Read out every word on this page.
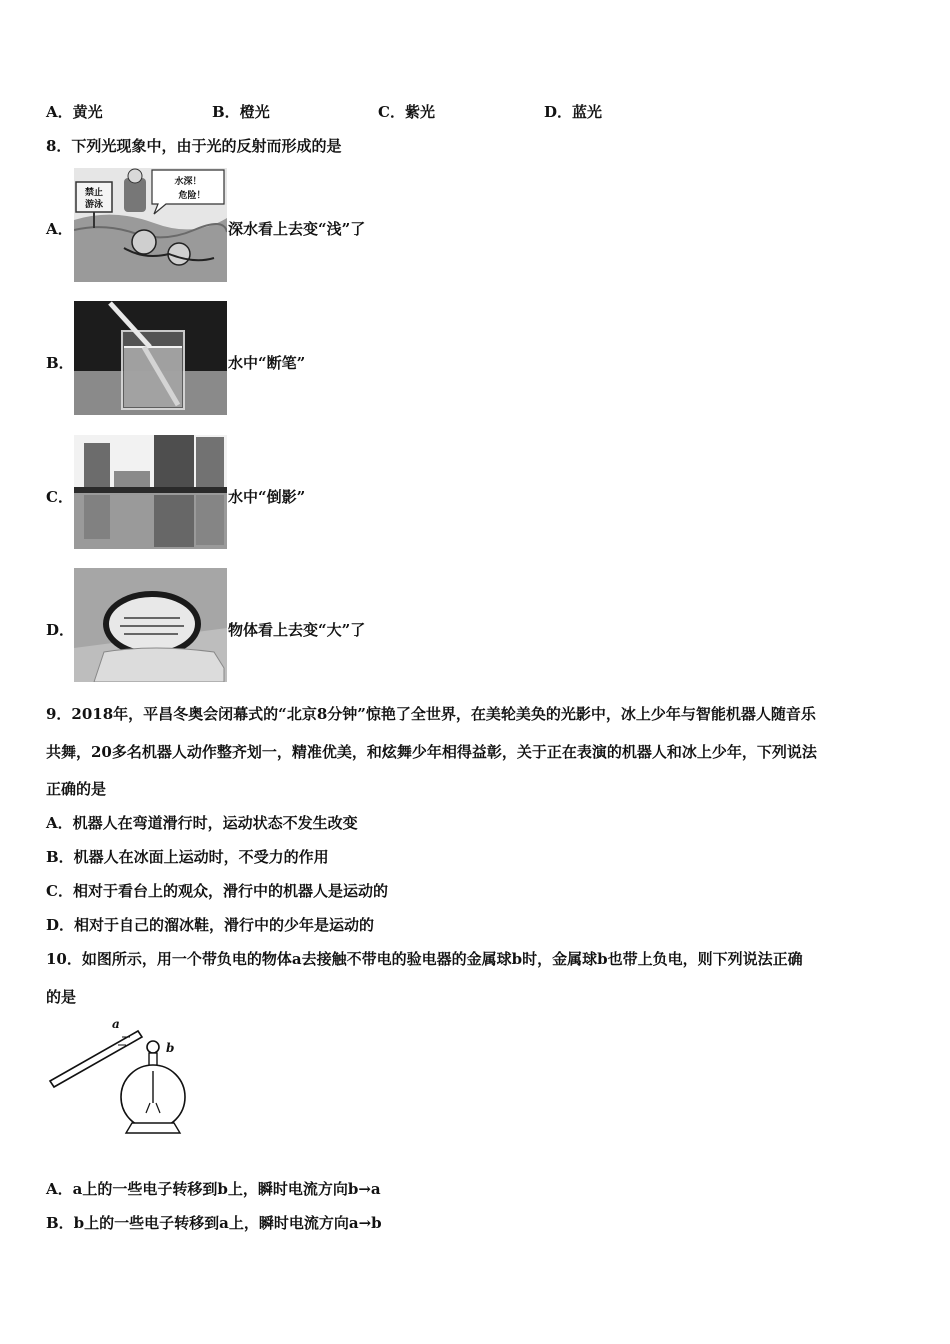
A．黄光	B．橙光	C．紫光	D．蓝光
8．下列光现象中，由于光的反射而形成的是
A．
禁止
游泳
水深！
危险！
深水看上去变“浅”了
B．	水中“断笔”
C．	水中“倒影”
D．	物体看上去变“大”了
9．2018年，平昌冬奥会闭幕式的“北京8分钟”惊艳了全世界，在美轮美奂的光影中，冰上少年与智能机器人随音乐
共舞，20多名机器人动作整齐划一，精准优美，和炫舞少年相得益彰，关于正在表演的机器人和冰上少年，下列说法
正确的是
A．机器人在弯道滑行时，运动状态不发生改变
B．机器人在冰面上运动时，不受力的作用
C．相对于看台上的观众，滑行中的机器人是运动的
D．相对于自己的溜冰鞋，滑行中的少年是运动的
10．如图所示，用一个带负电的物体a去接触不带电的验电器的金属球b时，金属球b也带上负电，则下列说法正确
的是
a
b
A．a上的一些电子转移到b上，瞬时电流方向b→a
B．b上的一些电子转移到a上，瞬时电流方向a→b
